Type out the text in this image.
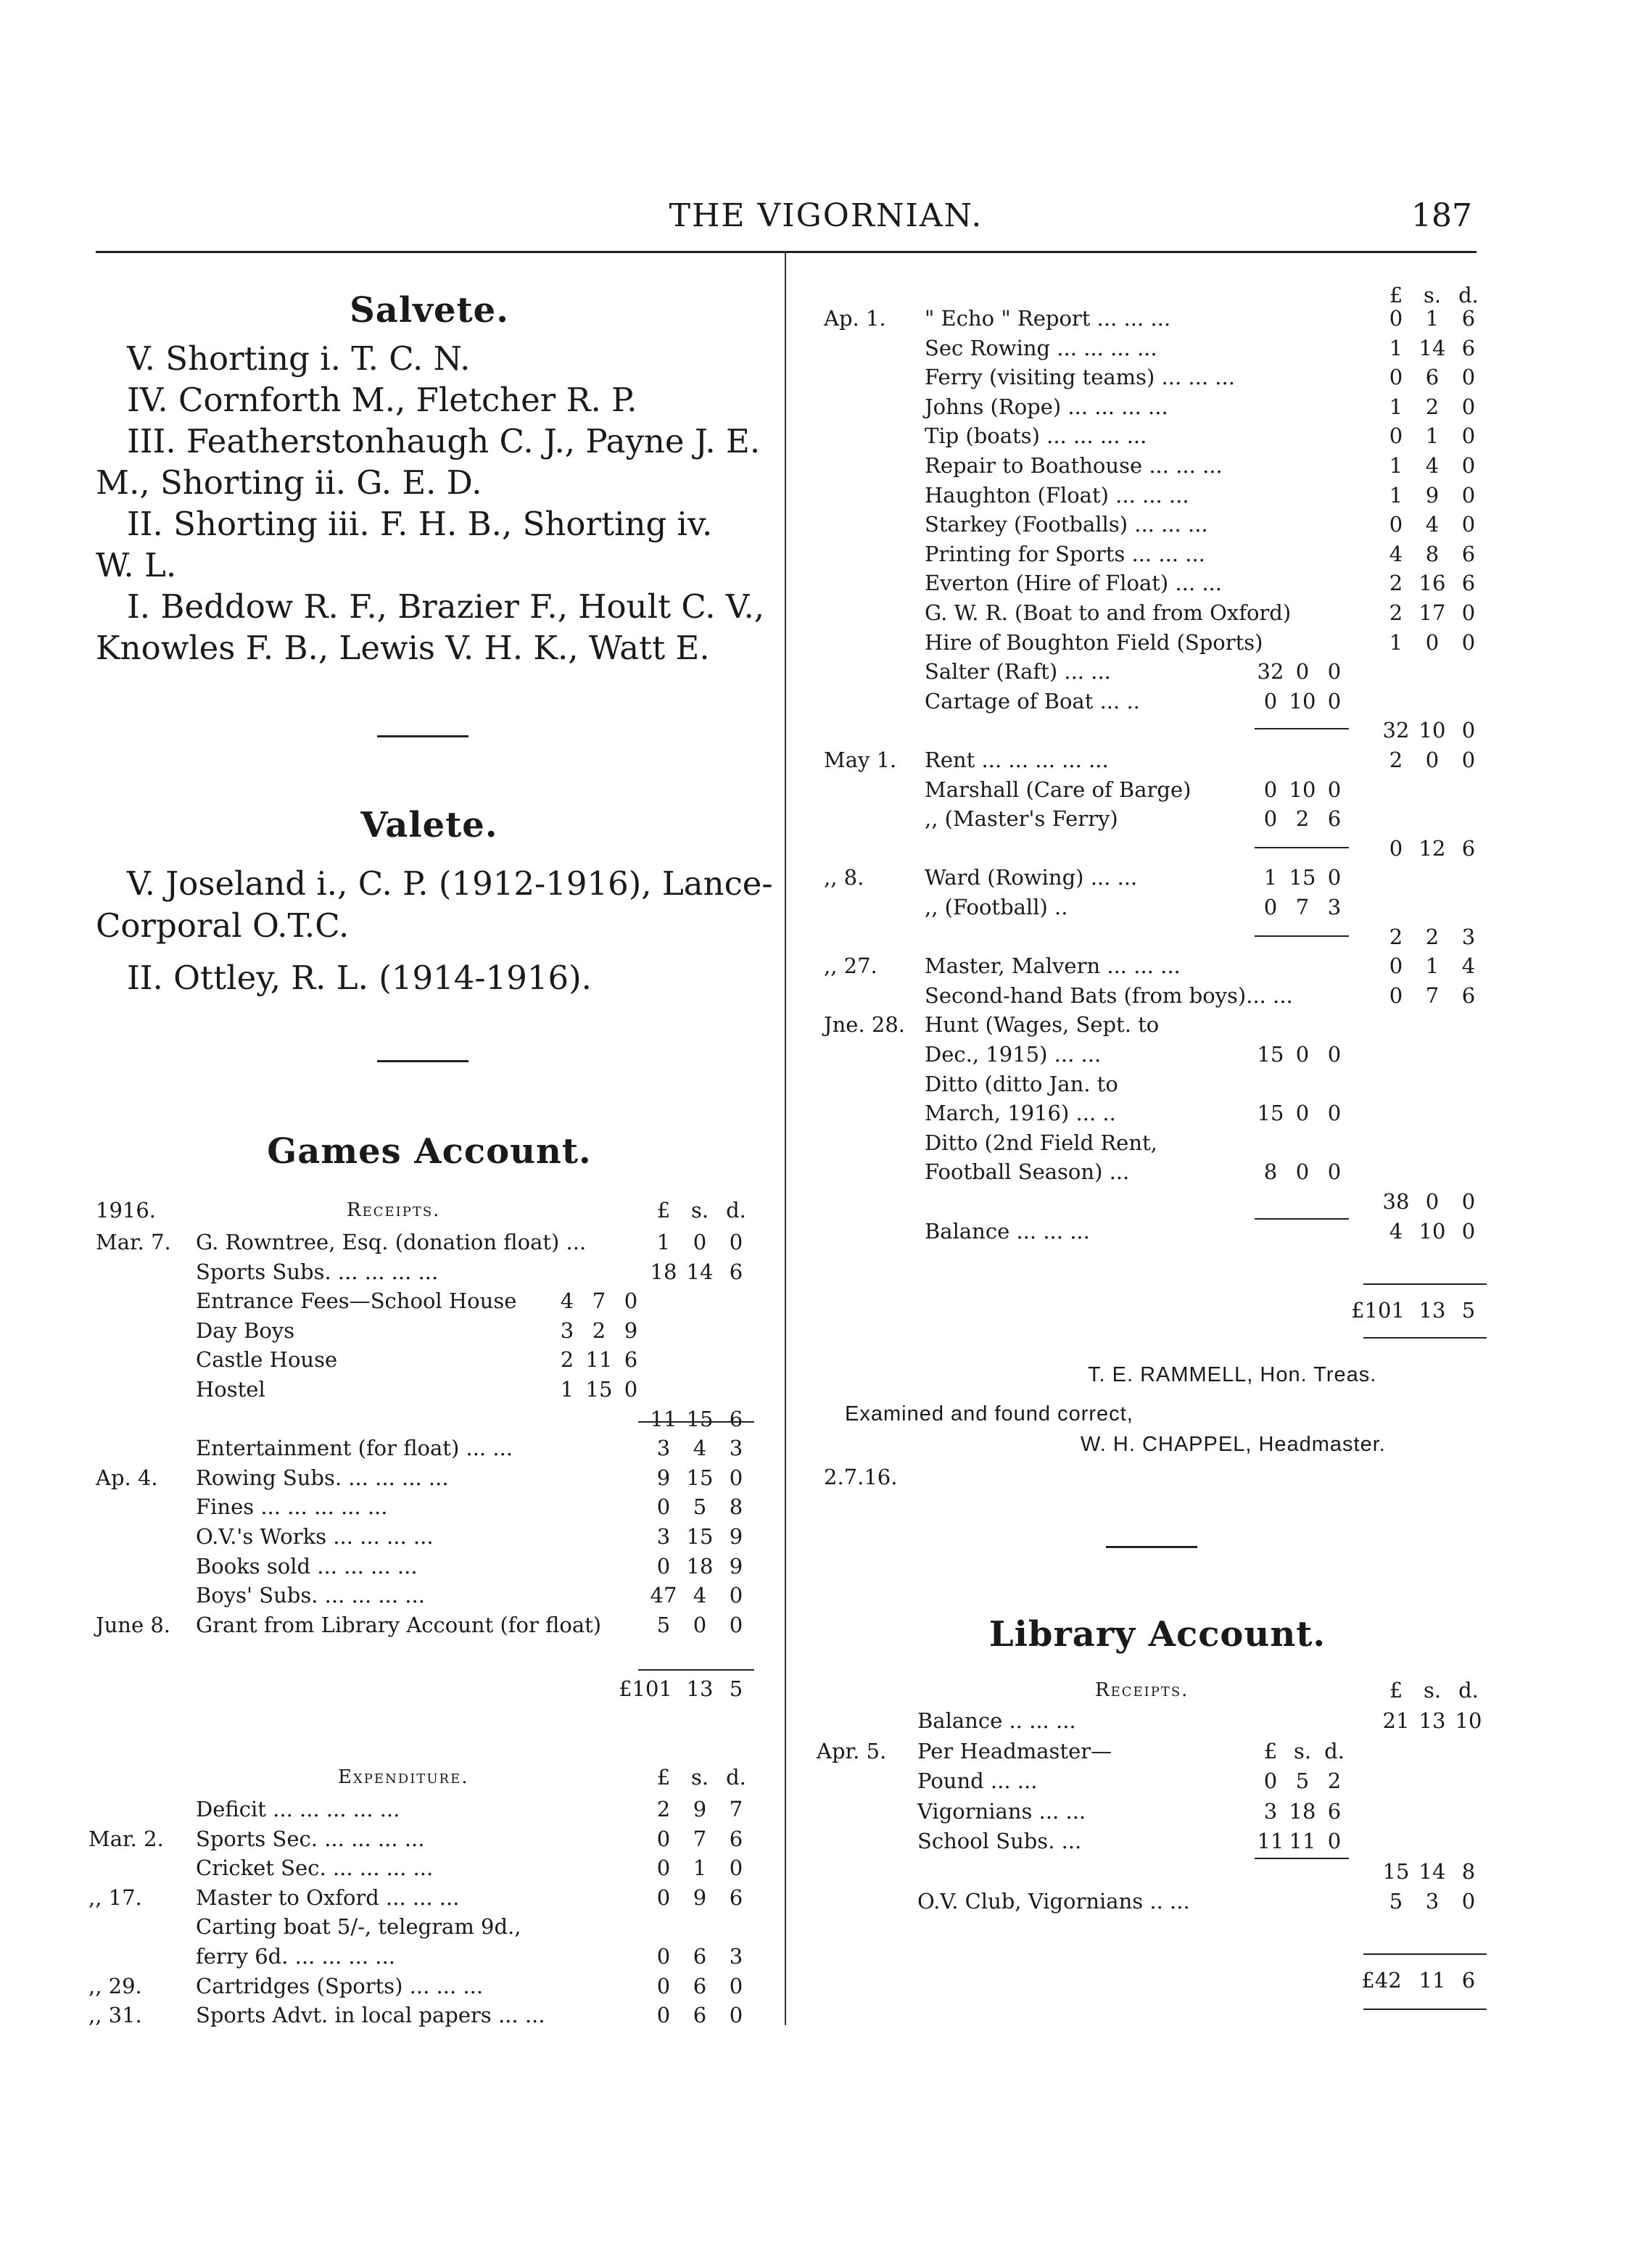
THE VIGORNIAN.	187
Salvete.
V. Shorting i. T. C. N.
IV. Cornforth M., Fletcher R. P.
III. Featherstonhaugh C. J., Payne J. E.
M., Shorting ii. G. E. D.
II. Shorting iii. F. H. B., Shorting iv.
W. L.
I. Beddow R. F., Brazier F., Hoult C. V.,
Knowles F. B., Lewis V. H. K., Watt E.
Valete.
V. Joseland i., C. P. (1912-1916), Lance-
Corporal O.T.C.
II. Ottley, R. L. (1914-1916).
Games Account.
1916.	Receipts.	£ s. d.
Mar. 7.	G. Rowntree, Esq. (donation float) ...	1	0	0
Sports Subs. ... ... ... ...	18 14 6
Entrance Fees—School House	4 7 0
Day Boys	3 2 9
Castle House	2 11 6
Hostel	1 15 0
11 15 6
Entertainment (for float) ... ...	3	4	3
Ap. 4.	Rowing Subs. ... ... ... ...	9 15 0
Fines ... ... ... ... ...	0	5	8
O.V.'s Works ... ... ... ...	3 15 9
Books sold ... ... ... ...	0 18 9
Boys' Subs. ... ... ... ...	47 4	0
June 8.	Grant from Library Account (for float)	5	0	0
£101 13 5
Expenditure.	£ s. d.
Deficit ... ... ... ... ...	2	9	7
Mar. 2.	Sports Sec. ... ... ... ...	0	7	6
Cricket Sec. ... ... ... ...	0	1	0
,, 17.	Master to Oxford ... ... ...	0	9	6
Carting boat 5/-, telegram 9d.,
ferry 6d. ... ... ... ...	0	6	3
,, 29.	Cartridges (Sports) ... ... ...	0	6	0
,, 31.	Sports Advt. in local papers ... ...	0	6	0
£ s. d.
Ap. 1.	" Echo " Report ... ... ...	0	1	6
Sec Rowing ... ... ... ...	1 14 6
Ferry (visiting teams) ... ... ...	0	6	0
Johns (Rope) ... ... ... ...	1	2	0
Tip (boats) ... ... ... ...	0	1	0
Repair to Boathouse ... ... ...	1	4	0
Haughton (Float) ... ... ...	1	9	0
Starkey (Footballs) ... ... ...	0	4	0
Printing for Sports ... ... ...	4	8	6
Everton (Hire of Float) ... ...	2 16 6
G. W. R. (Boat to and from Oxford)	2 17 0
Hire of Boughton Field (Sports)	1	0	0
Salter (Raft) ... ...	32 0 0
Cartage of Boat ... ..	0 10 0
32 10 0
May 1.	Rent ... ... ... ... ...	2	0	0
Marshall (Care of Barge)	0 10 0
,, (Master's Ferry)	0 2 6
0 12 6
,, 8.	Ward (Rowing) ... ...	1 15 0
,, (Football) ..	0 7 3
2	2	3
,, 27.	Master, Malvern ... ... ...	0	1	4
Second-hand Bats (from boys)... ...	0	7	6
Jne. 28. Hunt (Wages, Sept. to
Dec., 1915) ... ...	15 0 0
Ditto (ditto Jan. to
March, 1916) ... ..	15 0 0
Ditto (2nd Field Rent,
Football Season) ...	8 0 0
38 0	0
Balance ... ... ...	4 10 0
£101 13 5
T. E. RAMMELL, Hon. Treas.
Examined and found correct,
W. H. CHAPPEL, Headmaster.
2.7.16.
Library Account.
Receipts.	£ s. d.
Balance .. ... ...	21 13 10
Apr. 5.	Per Headmaster—	£ s. d.
Pound ... ...	0 5 2
Vigornians ... ...	3 18 6
School Subs. ...	11 11 0
15 14 8
O.V. Club, Vigornians .. ...	5	3	0
£42 11 6
